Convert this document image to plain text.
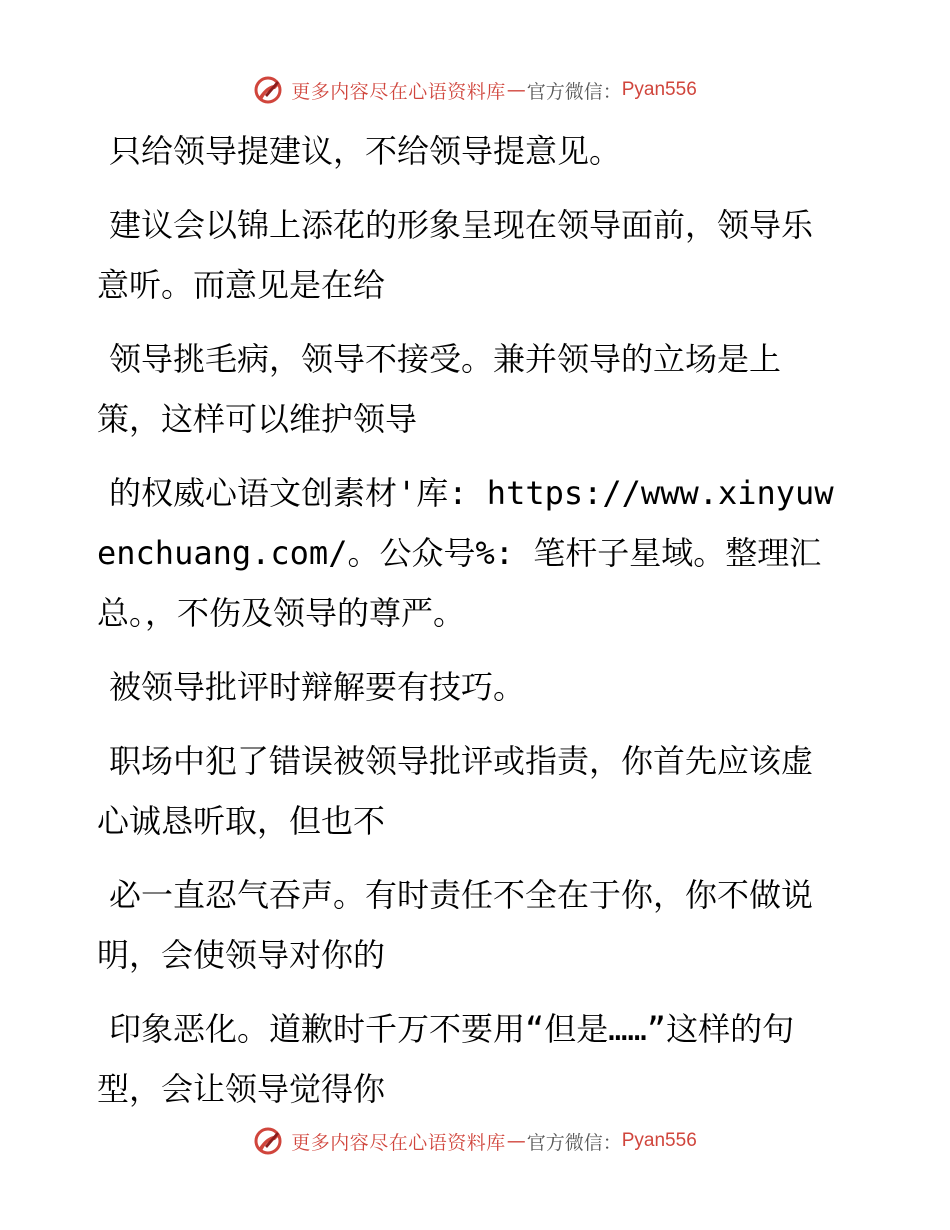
更多内容尽在心语资料库 — 官方微信： Pyan556

只给领导提建议，不给领导提意见。

建议会以锦上添花的形象呈现在领导面前，领导乐意听。而意见是在给

领导挑毛病，领导不接受。兼并领导的立场是上策，这样可以维护领导

的权威心语文创素材'库: https://www.xinyuwenchuang.com/。公众号%: 笔杆子星域。整理汇总。，不伤及领导的尊严。

被领导批评时辩解要有技巧。

职场中犯了错误被领导批评或指责，你首先应该虚心诚恳听取，但也不

必一直忍气吞声。有时责任不全在于你，你不做说明，会使领导对你的

印象恶化。道歉时千万不要用“但是……”这样的句型，会让领导觉得你

更多内容尽在心语资料库 — 官方微信： Pyan556
